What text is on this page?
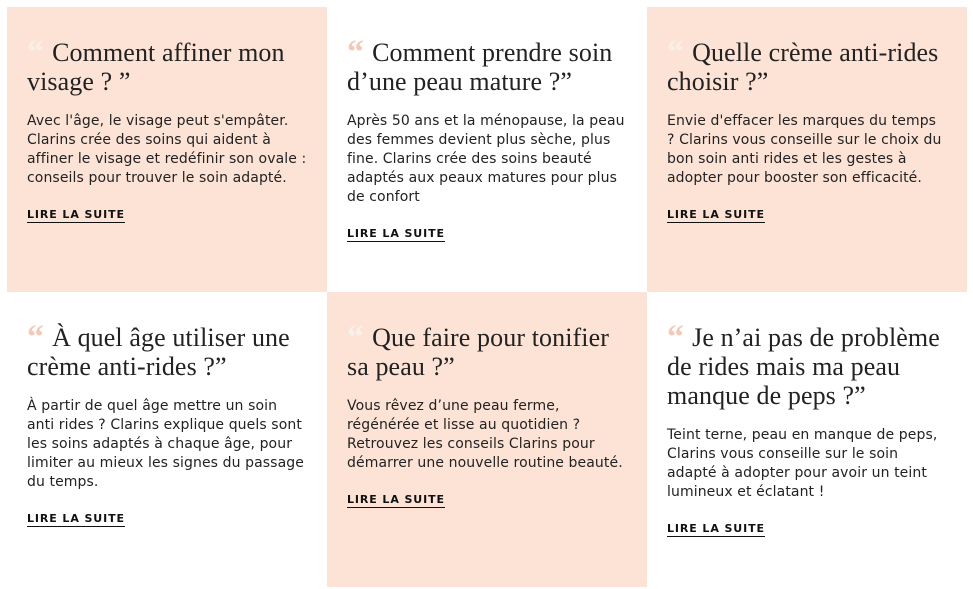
“ Comment affiner mon visage ? ”

Avec l'âge, le visage peut s'empâter. Clarins crée des soins qui aident à affiner le visage et redéfinir son ovale : conseils pour trouver le soin adapté.

LIRE LA SUITE
“ Comment prendre soin d’une peau mature ?”

Après 50 ans et la ménopause, la peau des femmes devient plus sèche, plus fine. Clarins crée des soins beauté adaptés aux peaux matures pour plus de confort

LIRE LA SUITE
“ Quelle crème anti-rides choisir ?”

Envie d'effacer les marques du temps ? Clarins vous conseille sur le choix du bon soin anti rides et les gestes à adopter pour booster son efficacité.

LIRE LA SUITE
“ À quel âge utiliser une crème anti-rides ?”

À partir de quel âge mettre un soin anti rides ? Clarins explique quels sont les soins adaptés à chaque âge, pour limiter au mieux les signes du passage du temps.

LIRE LA SUITE
“ Que faire pour tonifier sa peau ?”

Vous rêvez d’une peau ferme, régénérée et lisse au quotidien ? Retrouvez les conseils Clarins pour démarrer une nouvelle routine beauté.

LIRE LA SUITE
“ Je n’ai pas de problème de rides mais ma peau manque de peps ?”

Teint terne, peau en manque de peps, Clarins vous conseille sur le soin adapté à adopter pour avoir un teint lumineux et éclatant !

LIRE LA SUITE
